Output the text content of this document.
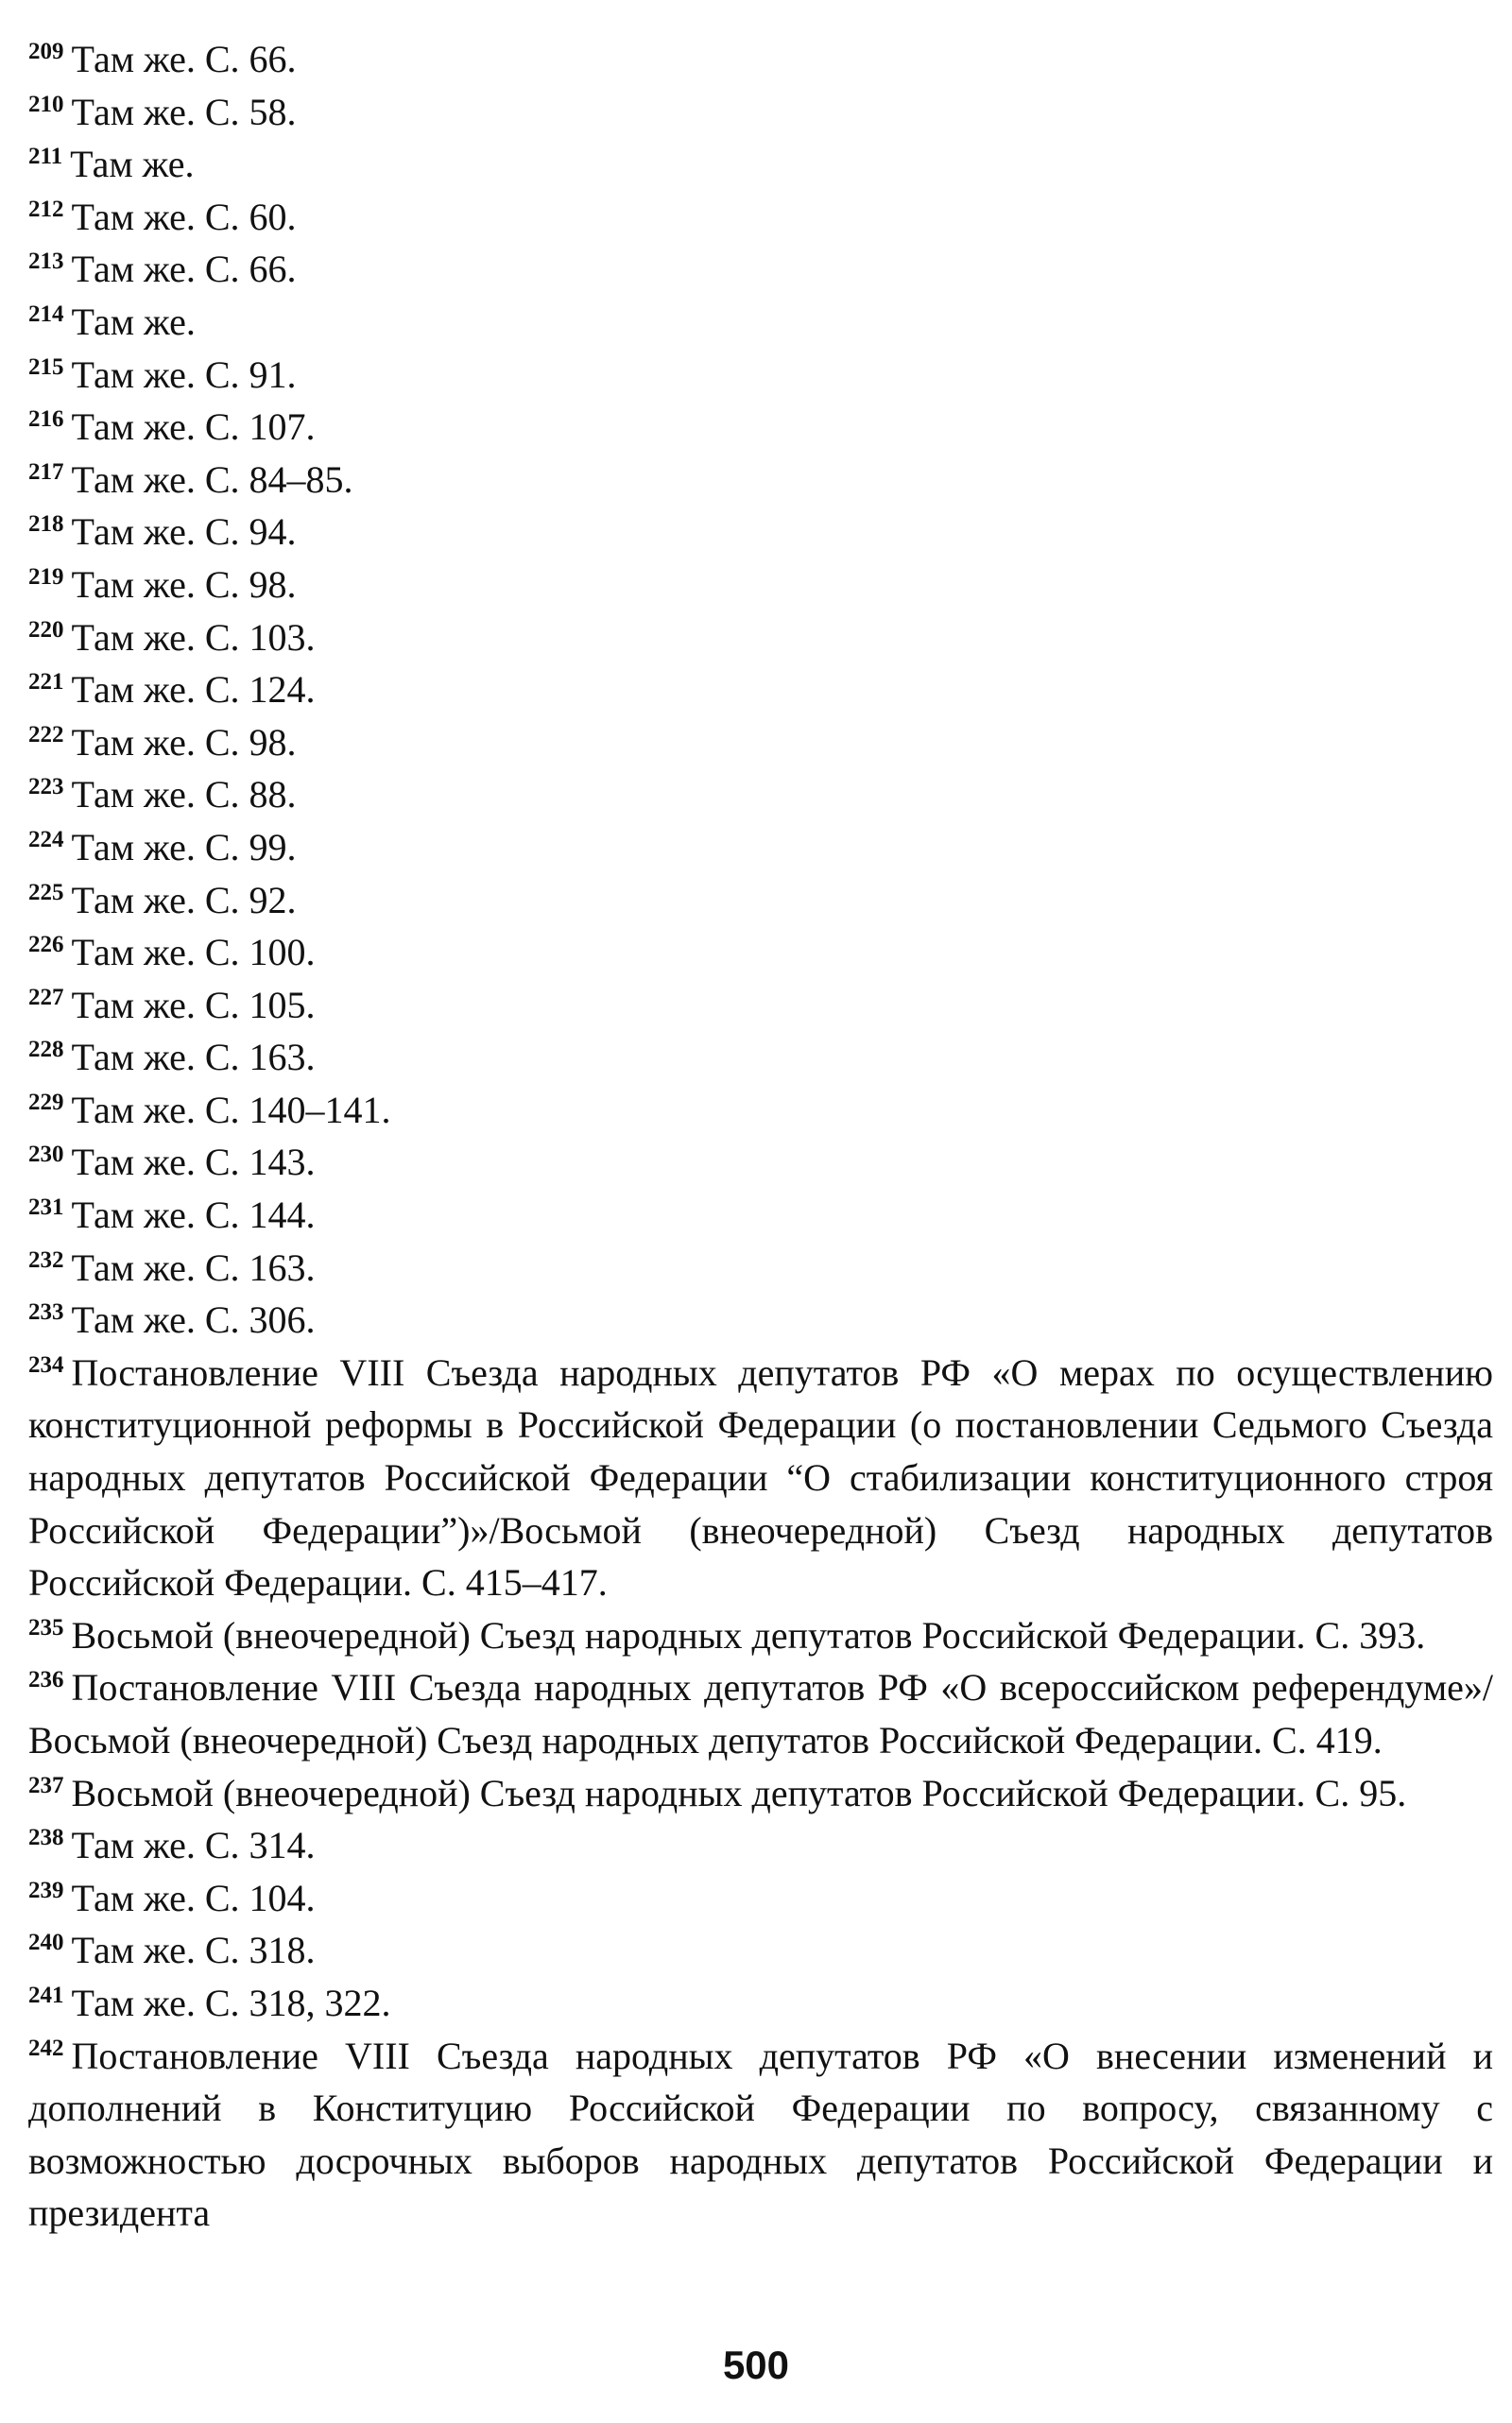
$^{209}$ Там же. С. 66.

$^{210}$ Там же. С. 58.

$^{211}$ Там же.

$^{212}$ Там же. С. 60.

$^{213}$ Там же. С. 66.

$^{214}$ Там же.

$^{215}$ Там же. С. 91.

$^{216}$ Там же. С. 107.

$^{217}$ Там же. С. 84–85.

$^{218}$ Там же. С. 94.

$^{219}$ Там же. С. 98.

$^{220}$ Там же. С. 103.

$^{221}$ Там же. С. 124.

$^{222}$ Там же. С. 98.

$^{223}$ Там же. С. 88.

$^{224}$ Там же. С. 99.

$^{225}$ Там же. С. 92.

$^{226}$ Там же. С. 100.

$^{227}$ Там же. С. 105.

$^{228}$ Там же. С. 163.

$^{229}$ Там же. С. 140–141.

$^{230}$ Там же. С. 143.

$^{231}$ Там же. С. 144.

$^{232}$ Там же. С. 163.

$^{233}$ Там же. С. 306.

$^{234}$ Постановление VIII Съезда народных депутатов РФ «О мерах по осуществлению конституционной реформы в Российской Федерации (о постановлении Седьмого Съезда народных депутатов Российской Федерации “О стабилизации конституционного строя Российской Федерации”)»/Восьмой (внеочередной) Съезд народных депутатов Российской Федерации. С. 415–417.

$^{235}$ Восьмой (внеочередной) Съезд народных депутатов Российской Федерации. С. 393.

$^{236}$ Постановление VIII Съезда народных депутатов РФ «О всероссийском референдуме»/Восьмой (внеочередной) Съезд народных депутатов Российской Федерации. С. 419.

$^{237}$ Восьмой (внеочередной) Съезд народных депутатов Российской Федерации. С. 95.

$^{238}$ Там же. С. 314.

$^{239}$ Там же. С. 104.

$^{240}$ Там же. С. 318.

$^{241}$ Там же. С. 318, 322.

$^{242}$ Постановление VIII Съезда народных депутатов РФ «О внесении изменений и дополнений в Конституцию Российской Федерации по вопросу, связанному с возможностью досрочных выборов народных депутатов Российской Федерации и президента

500
